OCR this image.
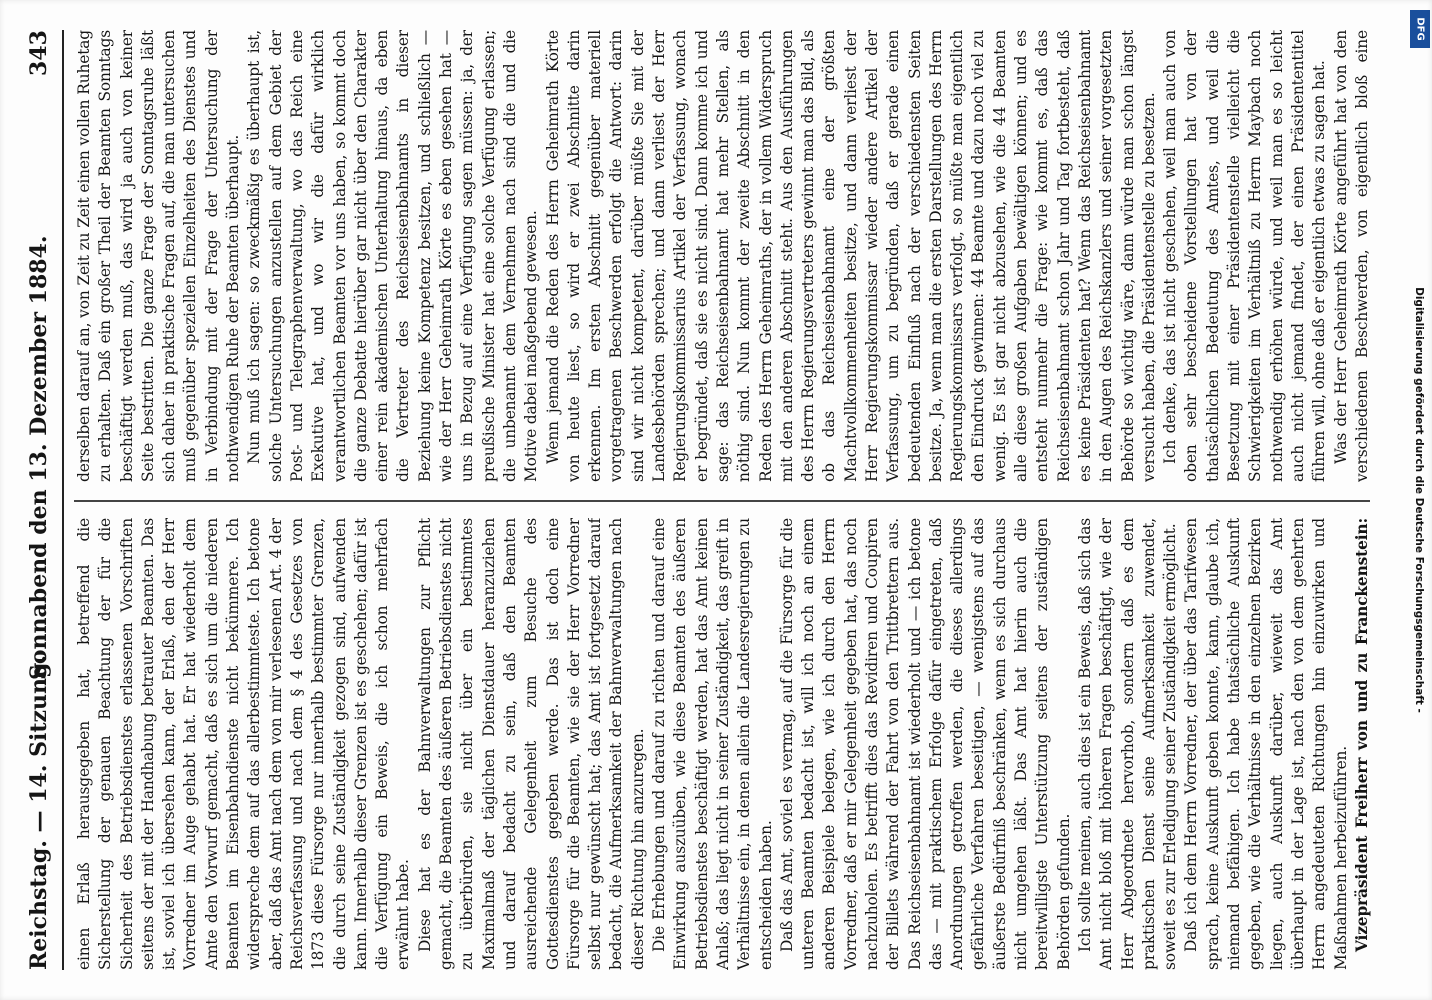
Reichstag. — 14. Sitzung.
Sonnabend den 13. Dezember 1884.
343

einen Erlaß herausgegeben hat, betreffend die Sicherstellung der genauen Beachtung der für die Sicherheit des Betriebsdienstes erlassenen Vorschriften seitens der mit der Handhabung betrauter Beamten. Das ist, soviel ich übersehen kann, der Erlaß, den der Herr Vorredner im Auge gehabt hat. Er hat wiederholt dem Amte den Vorwurf gemacht, daß es sich um die niederen Beamten im Eisenbahndienste nicht bekümmere. Ich widerspreche dem auf das allerbestimmteste. Ich betone aber, daß das Amt nach dem von mir verlesenen Art. 4 der Reichsverfassung und nach dem § 4 des Gesetzes von 1873 diese Fürsorge nur innerhalb bestimmter Grenzen, die durch seine Zuständigkeit gezogen sind, aufwenden kann. Innerhalb dieser Grenzen ist es geschehen; dafür ist die Verfügung ein Beweis, die ich schon mehrfach erwähnt habe. Diese hat es der Bahnverwaltungen zur Pflicht gemacht, die Beamten des äußeren Betriebsdienstes nicht zu überbürden, sie nicht über ein bestimmtes Maximalmaß der täglichen Dienstdauer heranzuziehen und darauf bedacht zu sein, daß den Beamten ausreichende Gelegenheit zum Besuche des Gottesdienstes gegeben werde. Das ist doch eine Fürsorge für die Beamten, wie sie der Herr Vorredner selbst nur gewünscht hat; das Amt ist fortgesetzt darauf bedacht, die Aufmerksamkeit der Bahnverwaltungen nach dieser Richtung hin anzuregen. Die Erhebungen und darauf zu richten und darauf eine Einwirkung auszuüben, wie diese Beamten des äußeren Betriebsdienstes beschäftigt werden, hat das Amt keinen Anlaß; das liegt nicht in seiner Zuständigkeit, das greift in Verhältnisse ein, in denen allein die Landesregierungen zu entscheiden haben. Daß das Amt, soviel es vermag, auf die Fürsorge für die unteren Beamten bedacht ist, will ich noch an einem anderen Beispiele belegen, wie ich durch den Herrn Vorredner, daß er mir Gelegenheit gegeben hat, das noch nachzuholen. Es betrifft dies das Revidiren und Coupiren der Billets während der Fahrt von den Trittbrettern aus. Das Reichseisenbahnamt ist wiederholt und — ich betone das — mit praktischem Erfolge dafür eingetreten, daß Anordnungen getroffen werden, die dieses allerdings gefährliche Verfahren beseitigen, — wenigstens auf das äußerste Bedürfniß beschränken, wenn es sich durchaus nicht umgehen läßt. Das Amt hat hierin auch die bereitwilligste Unterstützung seitens der zuständigen Behörden gefunden. Ich sollte meinen, auch dies ist ein Beweis, daß sich das Amt nicht bloß mit höheren Fragen beschäftigt, wie der Herr Abgeordnete hervorhob, sondern daß es dem praktischen Dienst seine Aufmerksamkeit zuwendet, soweit es zur Erledigung seiner Zuständigkeit ermöglicht. Daß ich dem Herrn Vorredner, der über das Tarifwesen sprach, keine Auskunft geben konnte, kann, glaube ich, niemand befähigen. Ich habe thatsächliche Auskunft gegeben, wie die Verhältnisse in den einzelnen Bezirken liegen, auch Auskunft darüber, wieweit das Amt überhaupt in der Lage ist, nach den von dem geehrten Herrn angedeuteten Richtungen hin einzuwirken und Maßnahmen herbeizuführen. Vizepräsident Freiherr von und zu Franckenstein:

derselben darauf an, von Zeit zu Zeit einen vollen Ruhetag zu erhalten. Daß ein großer Theil der Beamten Sonntags beschäftigt werden muß, das wird ja auch von keiner Seite bestritten. Die ganze Frage der Sonntagsruhe läßt sich daher in praktische Fragen auf, die man untersuchen muß gegenüber speziellen Einzelheiten des Dienstes und in Verbindung mit der Frage der Untersuchung der nothwendigen Ruhe der Beamten überhaupt. Nun muß ich sagen: so zweckmäßig es überhaupt ist, solche Untersuchungen anzustellen auf dem Gebiet der Post- und Telegraphenverwaltung, wo das Reich eine Exekutive hat, und wo wir die dafür wirklich verantwortlichen Beamten vor uns haben, so kommt doch die ganze Debatte hierüber gar nicht über den Charakter einer rein akademischen Unterhaltung hinaus, da eben die Vertreter des Reichseisenbahnamts in dieser Beziehung keine Kompetenz besitzen, und schließlich — wie der Herr Geheimrath Körte es eben gesehen hat — uns in Bezug auf eine Verfügung sagen müssen: ja, der preußische Minister hat eine solche Verfügung erlassen; die unbenannt dem Vernehmen nach sind die und die Motive dabei maßgebend gewesen. Wenn jemand die Reden des Herrn Geheimrath Körte von heute liest, so wird er zwei Abschnitte darin erkennen. Im ersten Abschnitt gegenüber materiell vorgetragenen Beschwerden erfolgt die Antwort: darin sind wir nicht kompetent, darüber müßte Sie mit der Landesbehörden sprechen; und dann verliest der Herr Regierungskommissarius Artikel der Verfassung, wonach er begründet, daß sie es nicht sind. Dann komme ich und sage: das Reichseisenbahnamt hat mehr Stellen, als nöthig sind. Nun kommt der zweite Abschnitt in den Reden des Herrn Geheimraths, der in vollem Widerspruch mit den anderen Abschnitt steht. Aus den Ausführungen des Herrn Regierungsvertreters gewinnt man das Bild, als ob das Reichseisenbahnamt eine der größten Machtvollkommenheiten besitze, und dann verliest der Herr Regierungskommissar wieder andere Artikel der Verfassung, um zu begründen, daß er gerade einen bedeutenden Einfluß nach der verschiedensten Seiten besitze. Ja, wenn man die ersten Darstellungen des Herrn Regierungskommissars verfolgt, so müßte man eigentlich den Eindruck gewinnen: 44 Beamte und dazu noch viel zu wenig. Es ist gar nicht abzusehen, wie die 44 Beamten alle diese großen Aufgaben bewältigen können; und es entsteht nunmehr die Frage: wie kommt es, daß das Reichseisenbahnamt schon Jahr und Tag fortbesteht, daß es keine Präsidenten hat? Wenn das Reichseisenbahnamt in den Augen des Reichskanzlers und seiner vorgesetzten Behörde so wichtig wäre, dann würde man schon längst versucht haben, die Präsidentenstelle zu besetzen. Ich denke, das ist nicht geschehen, weil man auch von oben sehr bescheidene Vorstellungen hat von der thatsächlichen Bedeutung des Amtes, und weil die Besetzung mit einer Präsidentenstelle vielleicht die Schwierigkeiten im Verhältniß zu Herrn Maybach noch nothwendig erhöhen würde, und weil man es so leicht auch nicht jemand findet, der einen Präsidententitel führen will, ohne daß er eigentlich etwas zu sagen hat. Was der Herr Geheimrath Körte angeführt hat von den verschiedenen Beschwerden, von eigentlich bloß eine

Digitalisierung gefördert durch die Deutsche Forschungsgemeinschaft -
DFG
